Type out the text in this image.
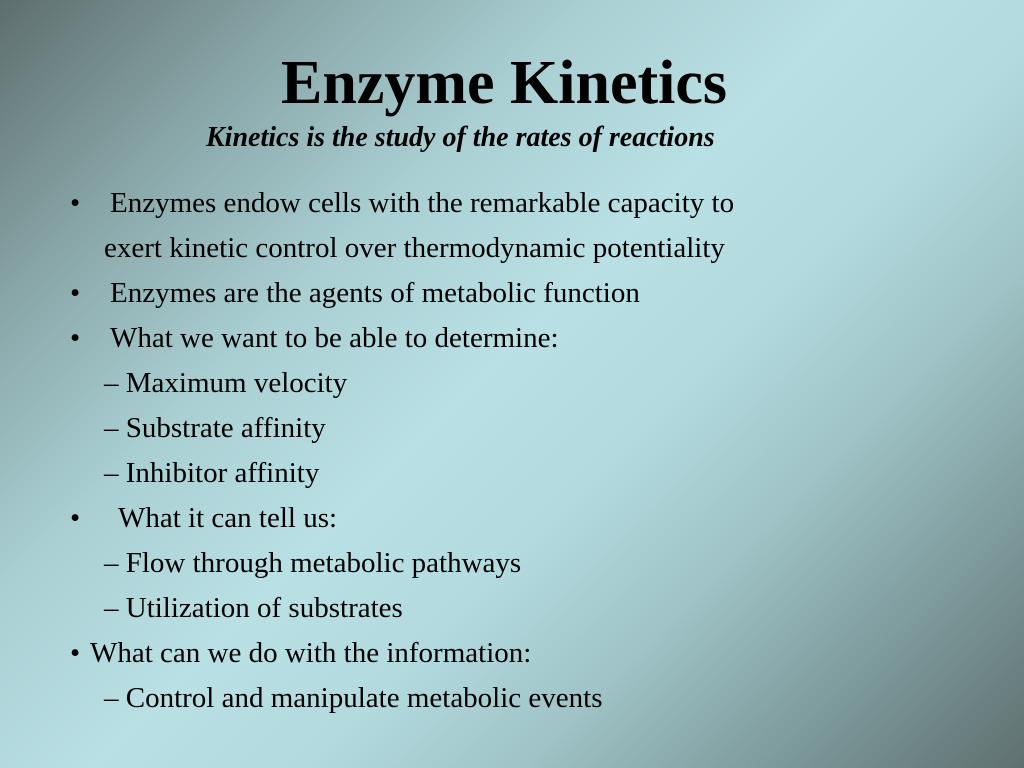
Enzyme Kinetics
Kinetics is the study of the rates of reactions
• Enzymes endow cells with the remarkable capacity to
exert kinetic control over thermodynamic potentiality
• Enzymes are the agents of metabolic function
• What we want to be able to determine:
– Maximum velocity
– Substrate affinity
– Inhibitor affinity
• What it can tell us:
– Flow through metabolic pathways
– Utilization of substrates
• What can we do with the information:
– Control and manipulate metabolic events
